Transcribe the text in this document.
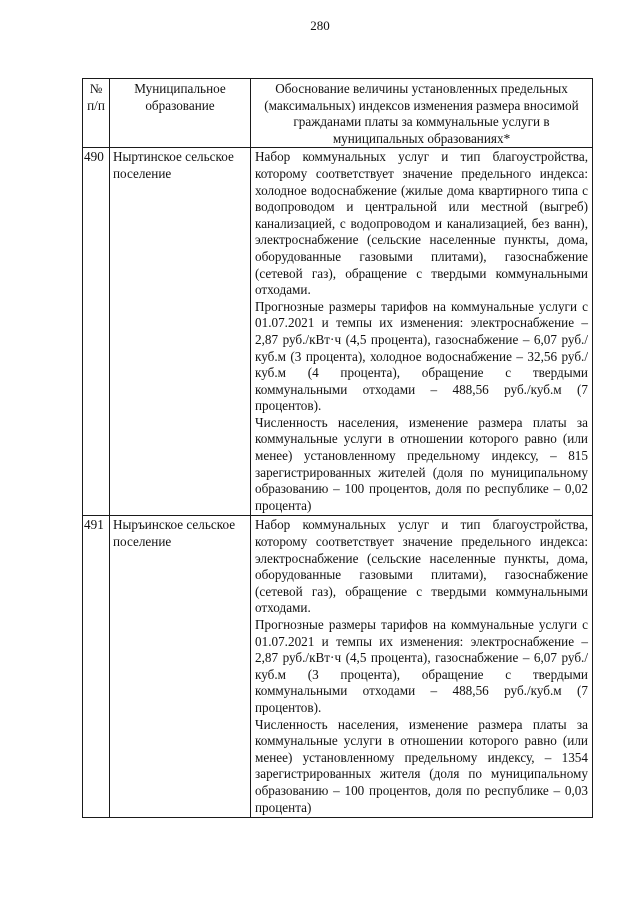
280
№ п/п	Муниципальное образование	Обоснование величины установленных предельных (максимальных) индексов изменения размера вносимой гражданами платы за коммунальные услуги в муниципальных образованиях*
490	Ныртинское сельское поселение	Набор коммунальных услуг и тип благоустройства, которому соответствует значение предельного индекса: холодное водоснабжение (жилые дома квартирного типа с водопроводом и центральной или местной (выгреб) канализацией, с водопроводом и канализацией, без ванн), электроснабжение (сельские населенные пункты, дома, оборудованные газовыми плитами), газоснабжение (сетевой газ), обращение с твердыми коммунальными отходами.

Прогнозные размеры тарифов на коммунальные услуги с 01.07.2021 и темпы их изменения: электроснабжение – 2,87 руб./кВт·ч (4,5 процента), газоснабжение – 6,07 руб./куб.м (3 процента), холодное водоснабжение – 32,56 руб./куб.м (4 процента), обращение с твердыми коммунальными отходами – 488,56 руб./куб.м (7 процентов).

Численность населения, изменение размера платы за коммунальные услуги в отношении которого равно (или менее) установленному предельному индексу, – 815 зарегистрированных жителей (доля по муниципальному образованию – 100 процентов, доля по республике – 0,02 процента)

491	Ныръинское сельское поселение	Набор коммунальных услуг и тип благоустройства, которому соответствует значение предельного индекса: электроснабжение (сельские населенные пункты, дома, оборудованные газовыми плитами), газоснабжение (сетевой газ), обращение с твердыми коммунальными отходами.

Прогнозные размеры тарифов на коммунальные услуги с 01.07.2021 и темпы их изменения: электроснабжение – 2,87 руб./кВт·ч (4,5 процента), газоснабжение – 6,07 руб./куб.м (3 процента), обращение с твердыми коммунальными отходами – 488,56 руб./куб.м (7 процентов).

Численность населения, изменение размера платы за коммунальные услуги в отношении которого равно (или менее) установленному предельному индексу, – 1354 зарегистрированных жителя (доля по муниципальному образованию – 100 процентов, доля по республике – 0,03 процента)
